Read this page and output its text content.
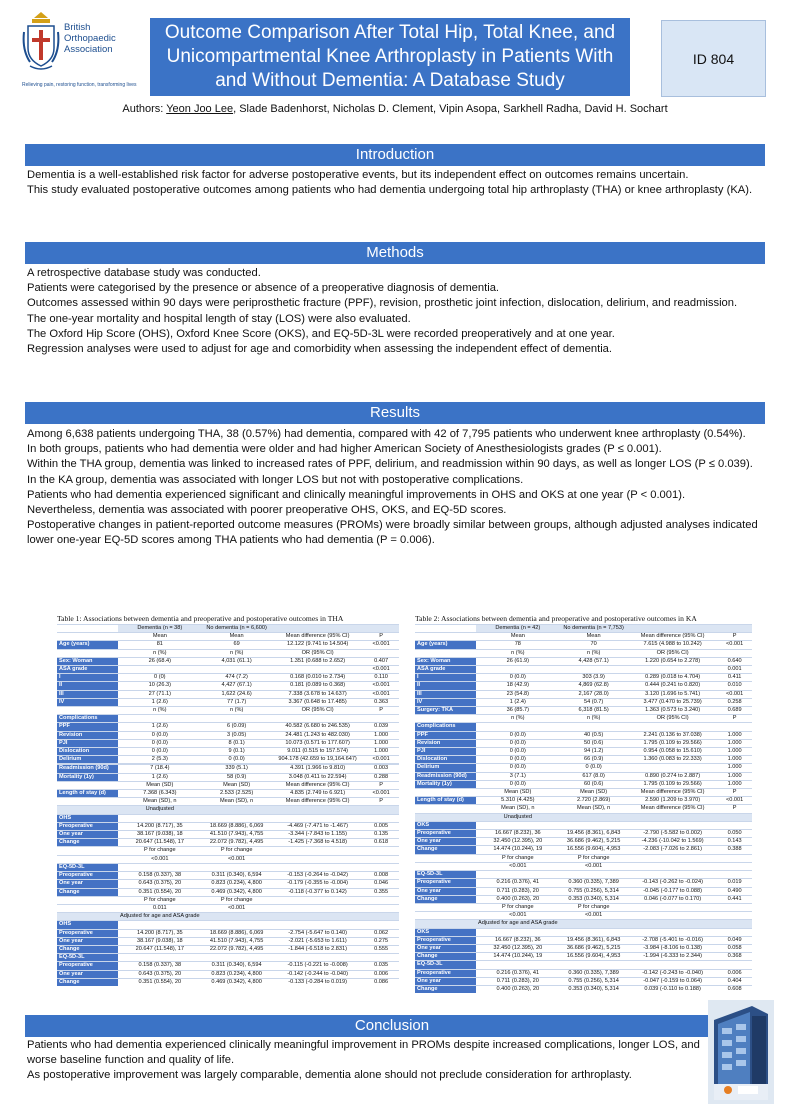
British
Orthopaedic
Association
Relieving pain, restoring function, transforming lives
Outcome Comparison After Total Hip, Total Knee, and Unicompartmental Knee Arthroplasty in Patients With and Without Dementia: A Database Study
ID 804
Authors: Yeon Joo Lee, Slade Badenhorst, Nicholas D. Clement, Vipin Asopa, Sarkhell Radha, David H. Sochart
Introduction
Dementia is a well-established risk factor for adverse postoperative events, but its independent effect on outcomes remains uncertain.
This study evaluated postoperative outcomes among patients who had dementia undergoing total hip arthroplasty (THA) or knee arthroplasty (KA).
Methods
A retrospective database study was conducted.
Patients were categorised by the presence or absence of a preoperative diagnosis of dementia.
Outcomes assessed within 90 days were periprosthetic fracture (PPF), revision, prosthetic joint infection, dislocation, delirium, and readmission.
The one-year mortality and hospital length of stay (LOS) were also evaluated.
The Oxford Hip Score (OHS), Oxford Knee Score (OKS), and EQ-5D-3L were recorded preoperatively and at one year.
Regression analyses were used to adjust for age and comorbidity when assessing the independent effect of dementia.
Results
Among 6,638 patients undergoing THA, 38 (0.57%) had dementia, compared with 42 of 7,795 patients who underwent knee arthroplasty (0.54%).
In both groups, patients who had dementia were older and had higher American Society of Anesthesiologists grades (P ≤ 0.001).
Within the THA group, dementia was linked to increased rates of PPF, delirium, and readmission within 90 days, as well as longer LOS (P ≤ 0.039).
In the KA group, dementia was associated with longer LOS but not with postoperative complications.
Patients who had dementia experienced significant and clinically meaningful improvements in OHS and OKS at one year (P < 0.001).
Nevertheless, dementia was associated with poorer preoperative OHS, OKS, and EQ-5D scores.
Postoperative changes in patient-reported outcome measures (PROMs) were broadly similar between groups, although adjusted analyses indicated lower one-year EQ-5D scores among THA patients who had dementia (P = 0.006).
Table 1: Associations between dementia and preoperative and postoperative outcomes in THA
	Dementia (n = 38)	No dementia (n = 6,600)		
	Mean	Mean	Mean difference (95% CI)	P
Age (years)	81	69	12.122 (9.741 to 14.504)	<0.001
	n (%)	n (%)	OR (95% CI)	
Sex: Woman	26 (68.4)	4,031 (61.1)	1.351 (0.688 to 2.652)	0.407
ASA grade				<0.001
I	0 (0)	474 (7.2)	0.168 (0.010 to 2.734)	0.110
II	10 (26.3)	4,427 (67.1)	0.181 (0.089 to 0.368)	<0.001
III	27 (71.1)	1,622 (24.6)	7.338 (3.678 to 14.637)	<0.001
IV	1 (2.6)	77 (1.7)	3.367 (0.648 to 17.485)	0.363
	n (%)	n (%)	OR (95% CI)	P
Complications				
PPF	1 (2.6)	6 (0.09)	40.582 (6.680 to 246.535)	0.039
Revision	0 (0.0)	3 (0.05)	24.481 (1.243 to 482.030)	1.000
PJI	0 (0.0)	8 (0.1)	10.073 (0.571 to 177.607)	1.000
Dislocation	0 (0.0)	9 (0.1)	9.011 (0.515 to 157.574)	1.000
Delirium	2 (5.3)	0 (0.0)	904.178 (42.659 to 19,164.647)	<0.001

Readmission (90d)	7 (18.4)	339 (5.1)	4.391 (1.966 to 9.810)	0.003
Mortality (1y)	1 (2.6)	58 (0.9)	3.048 (0.411 to 22.594)	0.288
	Mean (SD)	Mean (SD)	Mean difference (95% CI)	P
Length of stay (d)	7.368 (6.343)	2.533 (2.525)	4.835 (2.749 to 6.921)	<0.001
	Mean (SD), n	Mean (SD), n	Mean difference (95% CI)	P
	Unadjusted			
OHS				
Preoperative	14.200 (8.717), 35	18.669 (8.886), 6,069	-4.469 (-7.471 to -1.467)	0.005
One year	38.167 (9.038), 18	41.510 (7.943), 4,755	-3.344 (-7.843 to 1.155)	0.135
Change	20.647 (11.548), 17	22.072 (9.782), 4,495	-1.425 (-7.368 to 4.518)	0.618
	P for change	P for change		
	<0.001	<0.001		
EQ-5D-3L				
Preoperative	0.158 (0.337), 38	0.311 (0.340), 6,594	-0.153 (-0.264 to -0.042)	0.008
One year	0.643 (0.375), 20	0.823 (0.234), 4,800	-0.179 (-0.355 to -0.004)	0.046
Change	0.351 (0.554), 20	0.469 (0.342), 4,800	-0.118 (-0.377 to 0.142)	0.355
	P for change	P for change		
	0.011	<0.001		
	Adjusted for age and ASA grade			
OHS				
Preoperative	14.200 (8.717), 35	18.669 (8.886), 6,069	-2.754 (-5.647 to 0.140)	0.062
One year	38.167 (9.038), 18	41.510 (7.943), 4,755	-2.021 (-5.653 to 1.611)	0.275
Change	20.647 (11.548), 17	22.072 (9.782), 4,495	-1.844 (-6.518 to 2.831)	0.555
EQ-5D-3L				
Preoperative	0.158 (0.337), 38	0.311 (0.340), 6,594	-0.115 (-0.221 to -0.008)	0.035
One year	0.643 (0.375), 20	0.823 (0.234), 4,800	-0.142 (-0.244 to -0.040)	0.006
Change	0.351 (0.554), 20	0.469 (0.342), 4,800	-0.133 (-0.284 to 0.019)	0.086
Table 2: Associations between dementia and preoperative and postoperative outcomes in KA
	Dementia (n = 42)	No dementia (n = 7,753)		
	Mean	Mean	Mean difference (95% CI)	P
Age (years)	78	70	7.615 (4.988 to 10.242)	<0.001
	n (%)	n (%)	OR (95% CI)	
Sex: Woman	26 (61.9)	4,428 (57.1)	1.220 (0.654 to 2.278)	0.640
ASA grade				0.001
I	0 (0.0)	303 (3.9)	0.289 (0.018 to 4.704)	0.411
II	18 (42.9)	4,869 (62.8)	0.444 (0.241 to 0.820)	0.010
III	23 (54.8)	2,167 (28.0)	3.120 (1.696 to 5.741)	<0.001
IV	1 (2.4)	54 (0.7)	3.477 (0.470 to 25.739)	0.258
Surgery: TKA	36 (85.7)	6,318 (81.5)	1.363 (0.573 to 3.240)	0.689
	n (%)	n (%)	OR (95% CI)	P
Complications				
PPF	0 (0.0)	40 (0.5)	2.241 (0.136 to 37.038)	1.000
Revision	0 (0.0)	50 (0.6)	1.795 (0.109 to 29.566)	1.000
PJI	0 (0.0)	94 (1.2)	0.954 (0.058 to 15.610)	1.000
Dislocation	0 (0.0)	66 (0.9)	1.360 (0.083 to 22.333)	1.000
Delirium	0 (0.0)	0 (0.0)		1.000
Readmission (90d)	3 (7.1)	617 (8.0)	0.890 (0.274 to 2.887)	1.000
Mortality (1y)	0 (0.0)	60 (0.6)	1.795 (0.109 to 29.566)	1.000
	Mean (SD)	Mean (SD)	Mean difference (95% CI)	P
Length of stay (d)	5.310 (4.425)	2.720 (2.869)	2.590 (1.209 to 3.970)	<0.001
	Mean (SD), n	Mean (SD), n	Mean difference (95% CI)	P
	Unadjusted			
OKS				
Preoperative	16.667 (8.232), 36	19.456 (8.361), 6,843	-2.790 (-5.582 to 0.002)	0.050
One year	32.450 (12.395), 20	36.686 (9.462), 5,215	-4.236 (-10.042 to 1.569)	0.143
Change	14.474 (10.244), 19	16.556 (9.604), 4,953	-2.083 (-7.026 to 2.861)	0.388
	P for change	P for change		
	<0.001	<0.001		
EQ-5D-3L				
Preoperative	0.216 (0.376), 41	0.360 (0.335), 7,389	-0.143 (-0.262 to -0.024)	0.019
One year	0.711 (0.283), 20	0.755 (0.256), 5,314	-0.045 (-0.177 to 0.088)	0.490
Change	0.400 (0.263), 20	0.353 (0.340), 5,314	0.046 (-0.077 to 0.170)	0.441
	P for change	P for change		
	<0.001	<0.001		
	Adjusted for age and ASA grade			
OKS				
Preoperative	16.667 (8.232), 36	19.456 (8.361), 6,843	-2.708 (-5.401 to -0.016)	0.049
One year	32.450 (12.395), 20	36.686 (9.462), 5,215	-3.984 (-8.106 to 0.138)	0.058
Change	14.474 (10.244), 19	16.556 (9.604), 4,953	-1.994 (-6.333 to 2.344)	0.368
EQ-5D-3L				
Preoperative	0.216 (0.376), 41	0.360 (0.335), 7,389	-0.142 (-0.243 to -0.040)	0.006
One year	0.711 (0.283), 20	0.755 (0.256), 5,314	-0.047 (-0.159 to 0.064)	0.404
Change	0.400 (0.263), 20	0.353 (0.340), 5,314	0.039 (-0.110 to 0.188)	0.608
Conclusion
Patients who had dementia experienced clinically meaningful improvement in PROMs despite increased complications, longer LOS, and worse baseline function and quality of life.
As postoperative improvement was largely comparable, dementia alone should not preclude consideration for arthroplasty.
